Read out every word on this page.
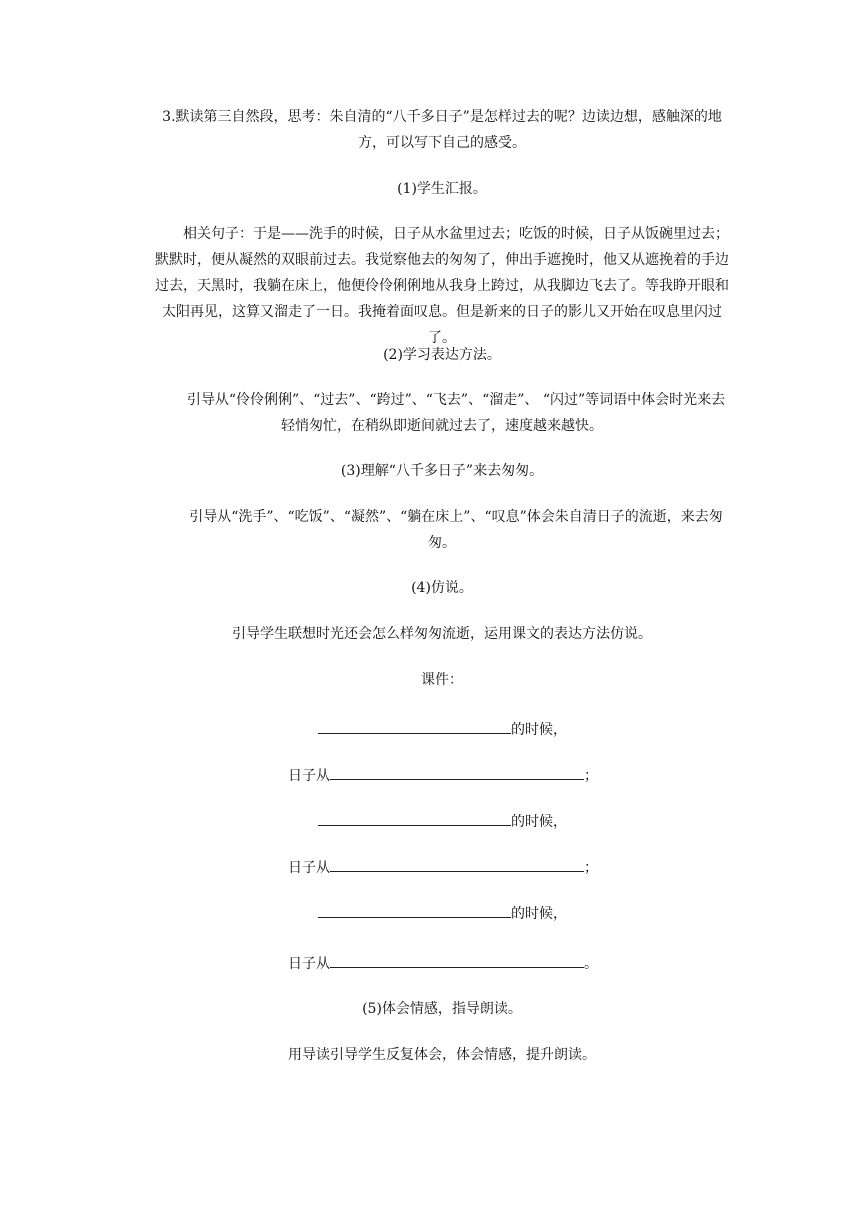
3.默读第三自然段，思考：朱自清的“八千多日子”是怎样过去的呢？边读边想，感触深的地方，可以写下自己的感受。
(1)学生汇报。
相关句子：于是——洗手的时候，日子从水盆里过去；吃饭的时候，日子从饭碗里过去；默默时，便从凝然的双眼前过去。我觉察他去的匆匆了，伸出手遮挽时，他又从遮挽着的手边过去，天黑时，我躺在床上，他便伶伶俐俐地从我身上跨过，从我脚边飞去了。等我睁开眼和太阳再见，这算又溜走了一日。我掩着面叹息。但是新来的日子的影儿又开始在叹息里闪过了。
(2)学习表达方法。
引导从“伶伶俐俐”、“过去”、“跨过”、“飞去”、“溜走”、 “闪过”等词语中体会时光来去轻悄匆忙，在稍纵即逝间就过去了，速度越来越快。
(3)理解“八千多日子”来去匆匆。
引导从“洗手”、“吃饭”、“凝然”、“躺在床上”、“叹息”体会朱自清日子的流逝，来去匆匆。
(4)仿说。
引导学生联想时光还会怎么样匆匆流逝，运用课文的表达方法仿说。
课件：
的时候，
日子从	；
的时候，
日子从	；
的时候，
日子从	。
(5)体会情感，指导朗读。
用导读引导学生反复体会，体会情感，提升朗读。
